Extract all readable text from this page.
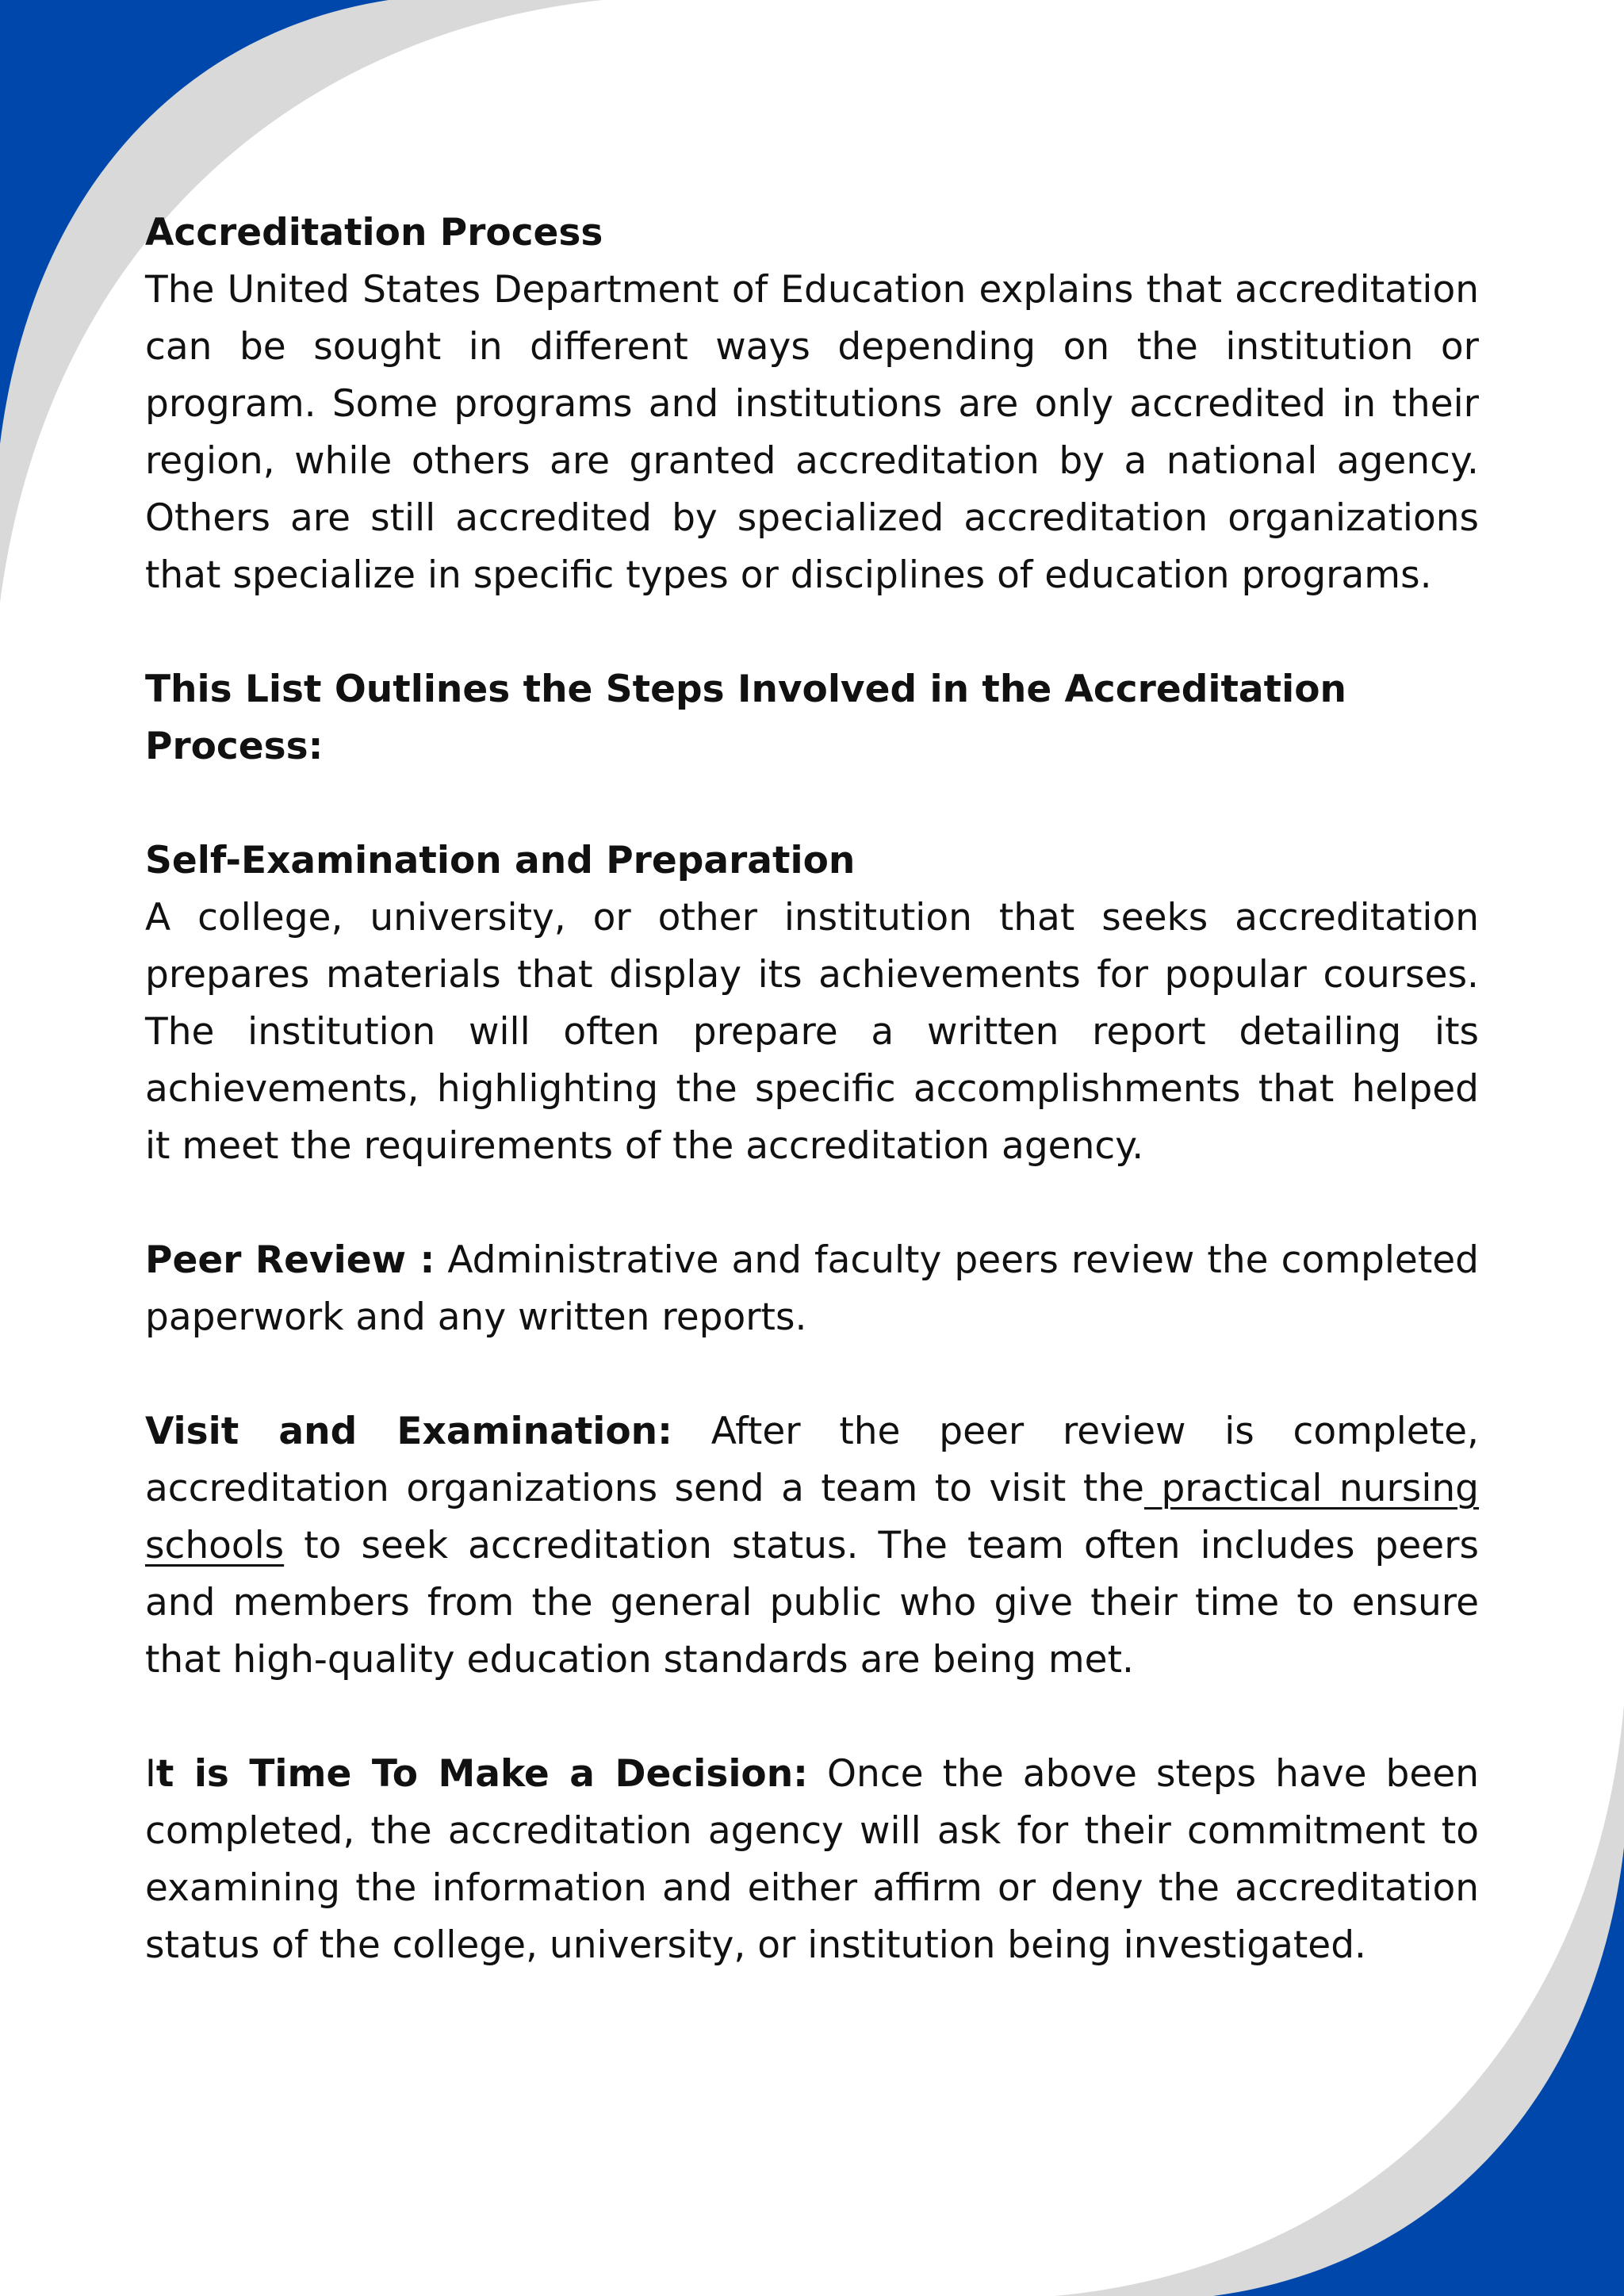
Accreditation Process

The United States Department of Education explains that accreditation can be sought in different ways depending on the institution or program. Some programs and institutions are only accredited in their region, while others are granted accreditation by a national agency. Others are still accredited by specialized accreditation organizations that specialize in specific types or disciplines of education programs.

This List Outlines the Steps Involved in the Accreditation Process:

Self-Examination and Preparation

A college, university, or other institution that seeks accreditation prepares materials that display its achievements for popular courses. The institution will often prepare a written report detailing its achievements, highlighting the specific accomplishments that helped it meet the requirements of the accreditation agency.

Peer Review : Administrative and faculty peers review the completed paperwork and any written reports.

Visit and Examination: After the peer review is complete, accreditation organizations send a team to visit the practical nursing schools to seek accreditation status. The team often includes peers and members from the general public who give their time to ensure that high-quality education standards are being met.

It is Time To Make a Decision: Once the above steps have been completed, the accreditation agency will ask for their commitment to examining the information and either affirm or deny the accreditation status of the college, university, or institution being investigated.
